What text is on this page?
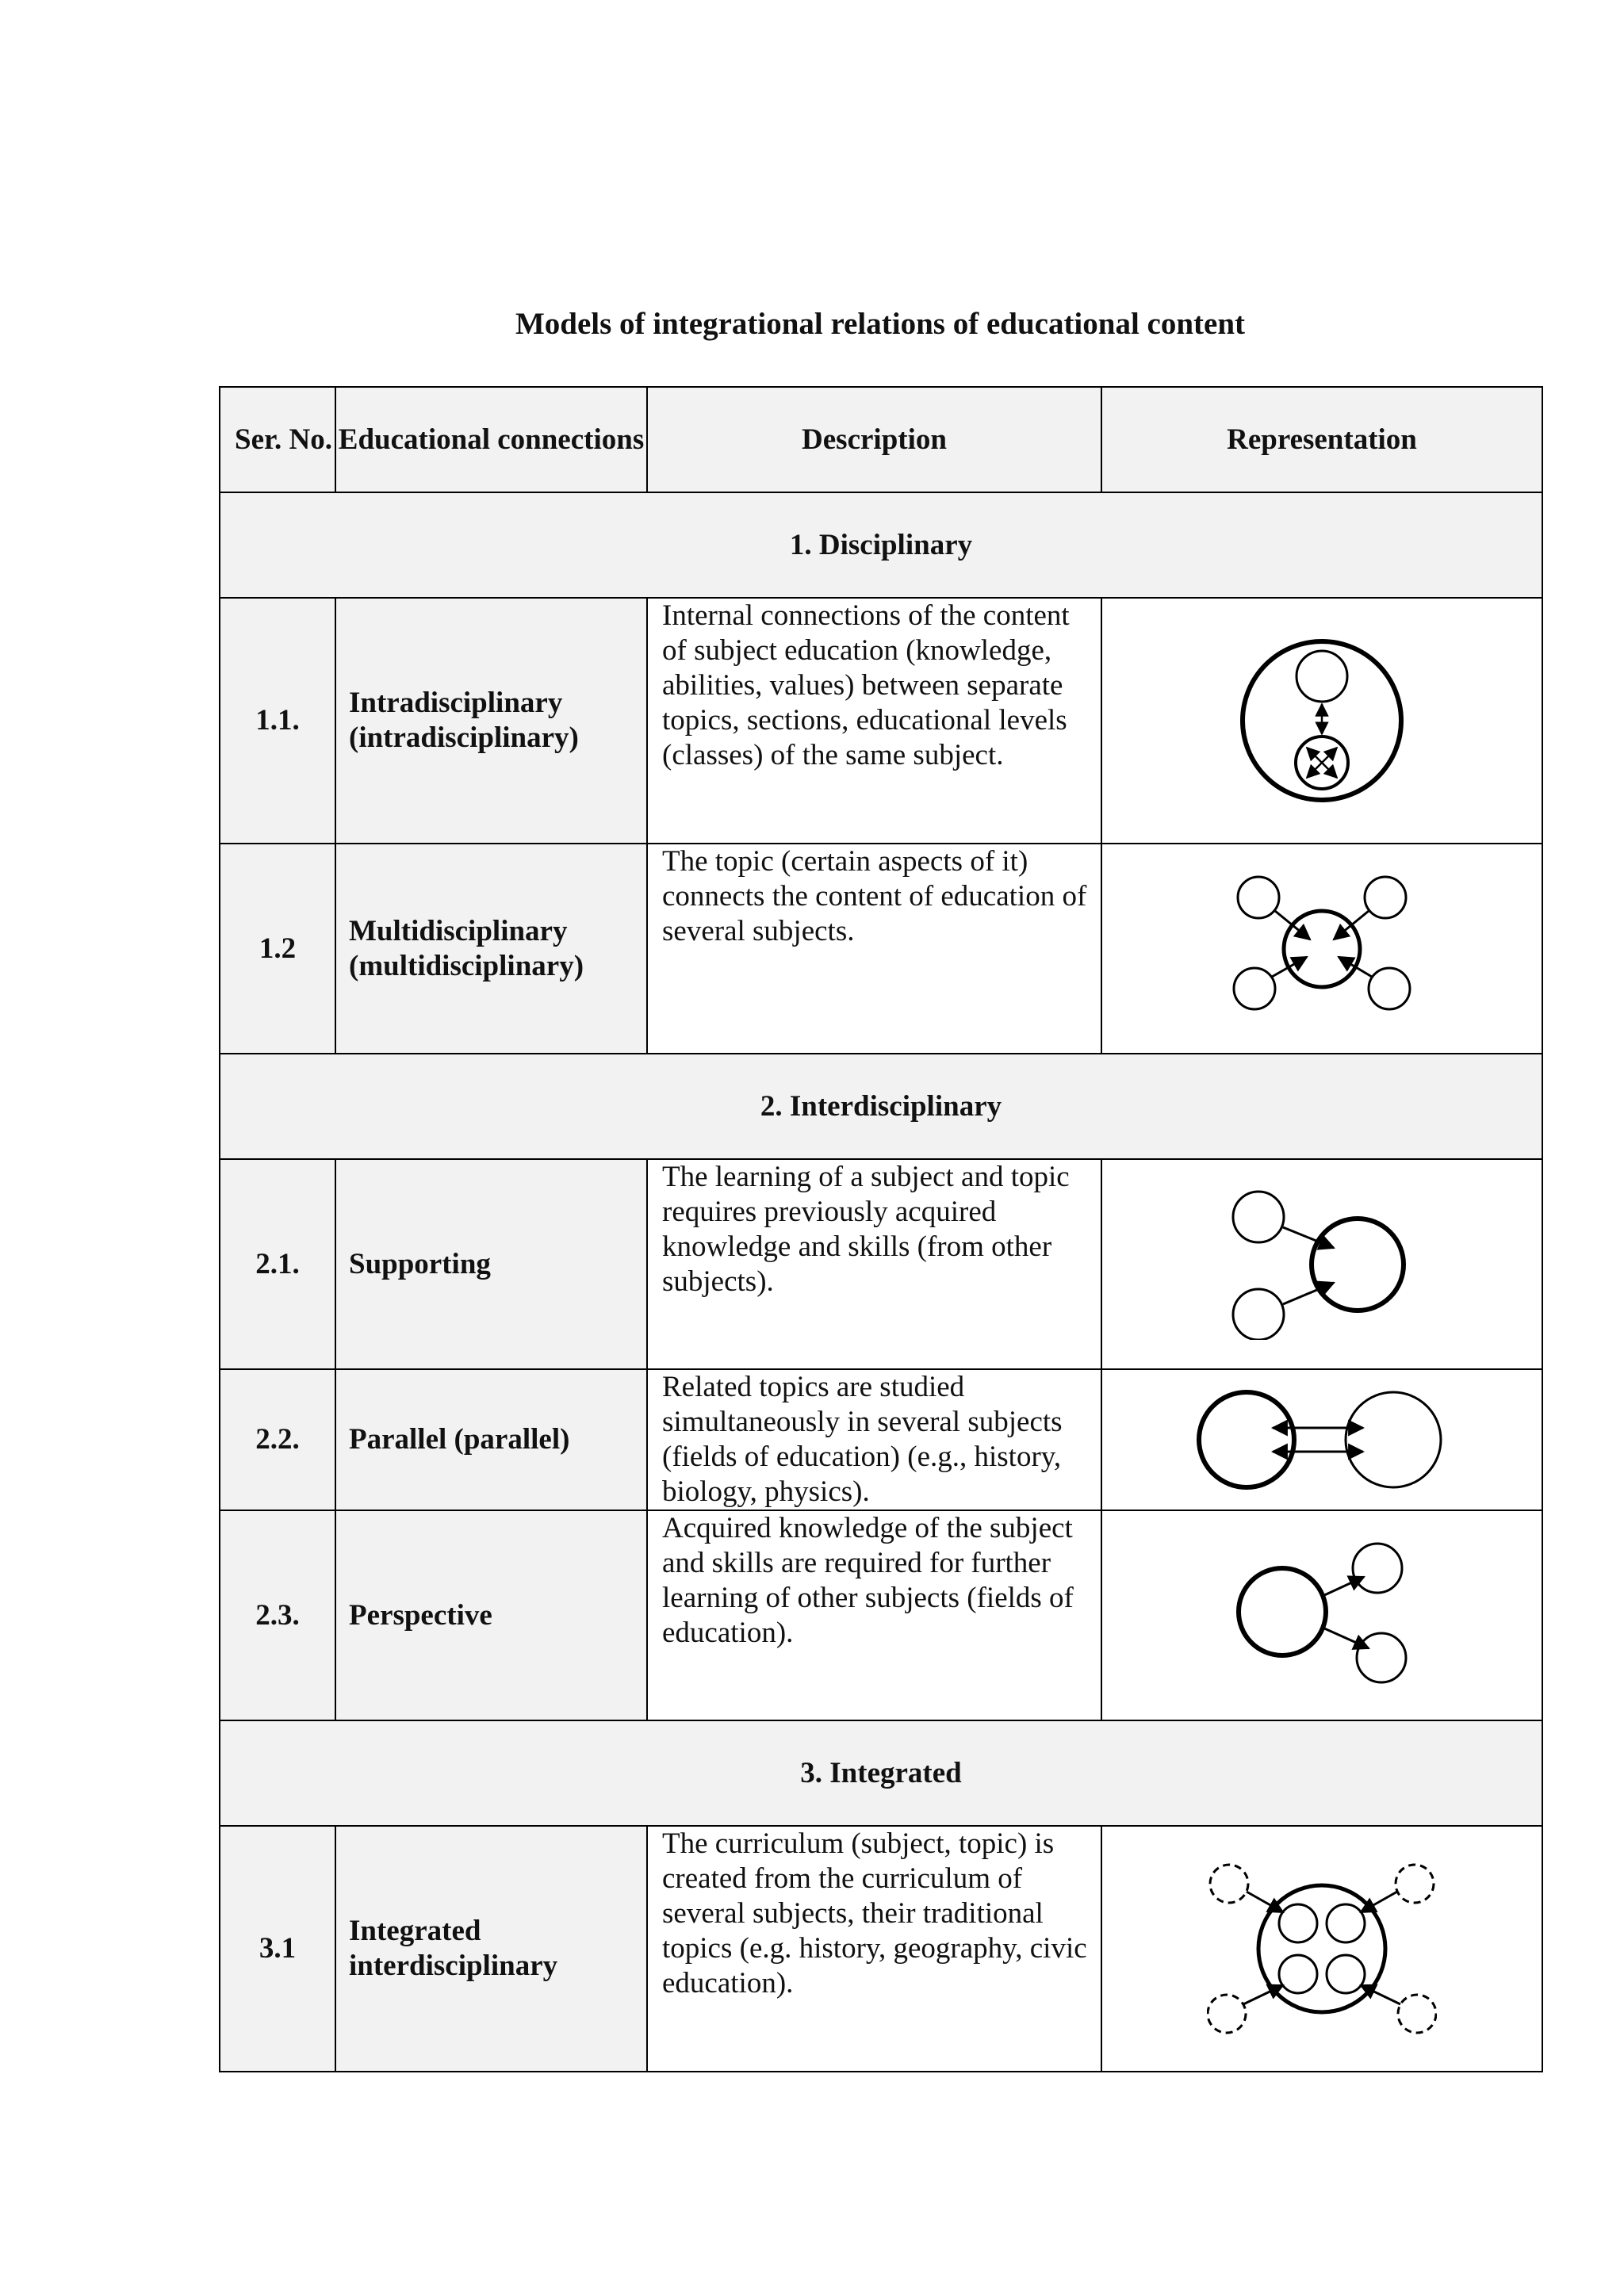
Models of integrational relations of educational content
Ser. No.	Educational connections	Description	Representation
1. Disciplinary			
1.1.	Intradisciplinary (intradisciplinary)	Internal connections of the content of subject education (knowledge, abilities, values) between separate topics, sections, educational levels (classes) of the same subject.	

1.2	Multidisciplinary (multidisciplinary)	The topic (certain aspects of it) connects the content of education of several subjects.	

2. Interdisciplinary			
2.1.	Supporting	The learning of a subject and topic requires previously acquired knowledge and skills (from other subjects).	

2.2.	Parallel (parallel)	Related topics are studied simultaneously in several subjects (fields of education) (e.g., history, biology, physics).	

2.3.	Perspective	Acquired knowledge of the subject and skills are required for further learning of other subjects (fields of education).	

3. Integrated			
3.1	Integrated interdisciplinary	The curriculum (subject, topic) is created from the curriculum of several subjects, their traditional topics (e.g. history, geography, civic education).	
